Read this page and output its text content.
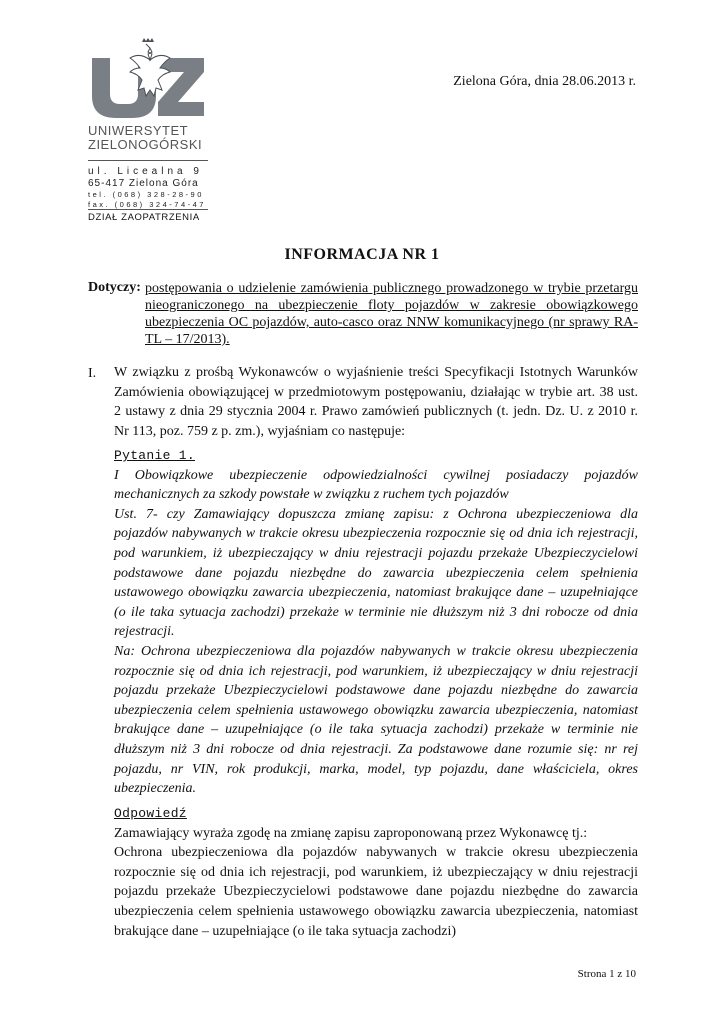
UNIWERSYTET
ZIELONOGÓRSKI
ul. Licealna 9
65-417 Zielona Góra
tel. (068) 328-28-90
fax. (068) 324-74-47
DZIAŁ ZAOPATRZENIA
Zielona Góra, dnia 28.06.2013 r.
INFORMACJA NR 1
Dotyczy: postępowania o udzielenie zamówienia publicznego prowadzonego w trybie przetargu nieograniczonego na ubezpieczenie floty pojazdów w zakresie obowiązkowego ubezpieczenia OC pojazdów, auto-casco oraz NNW komunikacyjnego (nr sprawy RA-TL – 17/2013).
I. W związku z prośbą Wykonawców o wyjaśnienie treści Specyfikacji Istotnych Warunków Zamówienia obowiązującej w przedmiotowym postępowaniu, działając w trybie art. 38 ust. 2 ustawy z dnia 29 stycznia 2004 r. Prawo zamówień publicznych (t. jedn. Dz. U. z 2010 r. Nr 113, poz. 759 z p. zm.), wyjaśniam co następuje:
Pytanie 1.
I Obowiązkowe ubezpieczenie odpowiedzialności cywilnej posiadaczy pojazdów mechanicznych za szkody powstałe w związku z ruchem tych pojazdów
Ust. 7- czy Zamawiający dopuszcza zmianę zapisu: z Ochrona ubezpieczeniowa dla pojazdów nabywanych w trakcie okresu ubezpieczenia rozpocznie się od dnia ich rejestracji, pod warunkiem, iż ubezpieczający w dniu rejestracji pojazdu przekaże Ubezpieczycielowi podstawowe dane pojazdu niezbędne do zawarcia ubezpieczenia celem spełnienia ustawowego obowiązku zawarcia ubezpieczenia, natomiast brakujące dane – uzupełniające (o ile taka sytuacja zachodzi) przekaże w terminie nie dłuższym niż 3 dni robocze od dnia rejestracji.
Na: Ochrona ubezpieczeniowa dla pojazdów nabywanych w trakcie okresu ubezpieczenia rozpocznie się od dnia ich rejestracji, pod warunkiem, iż ubezpieczający w dniu rejestracji pojazdu przekaże Ubezpieczycielowi podstawowe dane pojazdu niezbędne do zawarcia ubezpieczenia celem spełnienia ustawowego obowiązku zawarcia ubezpieczenia, natomiast brakujące dane – uzupełniające (o ile taka sytuacja zachodzi) przekaże w terminie nie dłuższym niż 3 dni robocze od dnia rejestracji. Za podstawowe dane rozumie się: nr rej pojazdu, nr VIN, rok produkcji, marka, model, typ pojazdu, dane właściciela, okres ubezpieczenia.
Odpowiedź
Zamawiający wyraża zgodę na zmianę zapisu zaproponowaną przez Wykonawcę tj.:
Ochrona ubezpieczeniowa dla pojazdów nabywanych w trakcie okresu ubezpieczenia rozpocznie się od dnia ich rejestracji, pod warunkiem, iż ubezpieczający w dniu rejestracji pojazdu przekaże Ubezpieczycielowi podstawowe dane pojazdu niezbędne do zawarcia ubezpieczenia celem spełnienia ustawowego obowiązku zawarcia ubezpieczenia, natomiast brakujące dane – uzupełniające (o ile taka sytuacja zachodzi)
Strona 1 z 10
